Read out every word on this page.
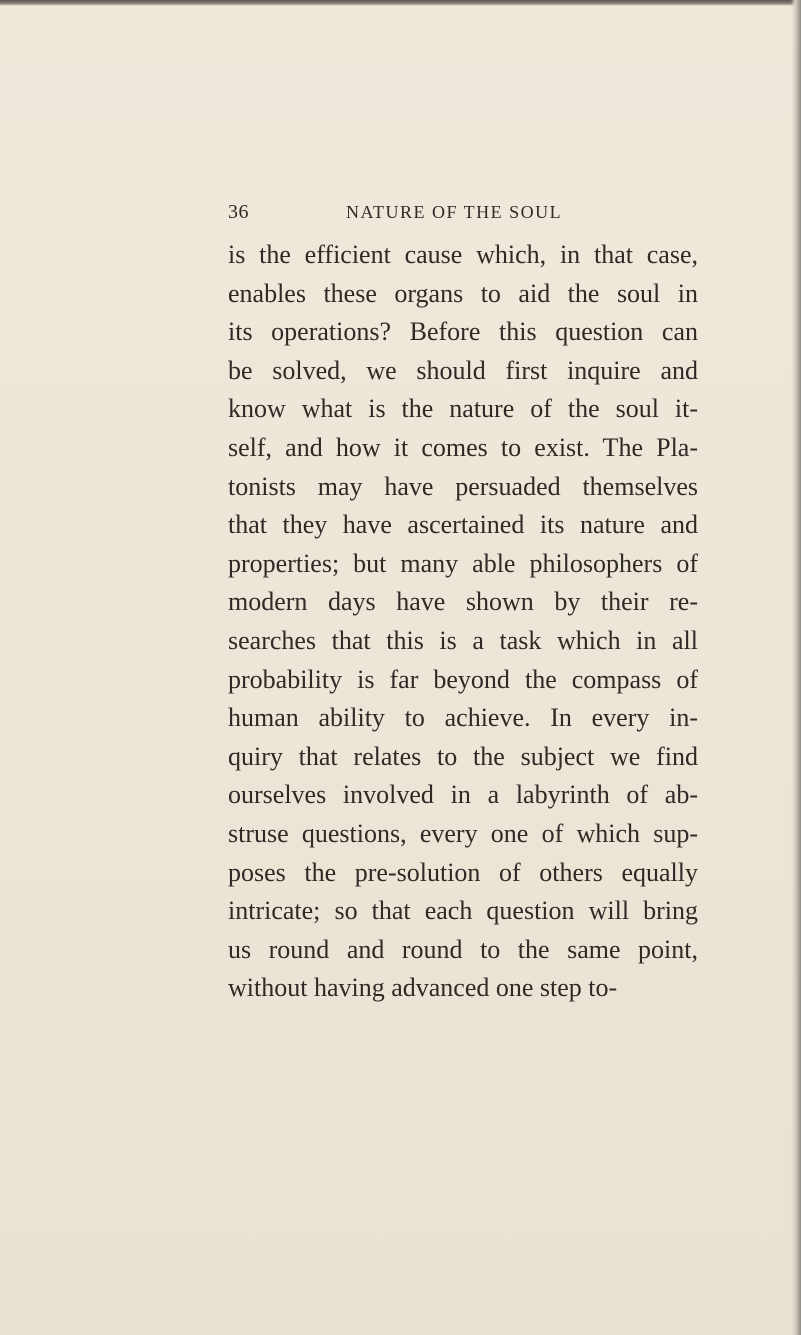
36	NATURE OF THE SOUL
is the efficient cause which, in that case,
enables these organs to aid the soul in
its operations? Before this question can
be solved, we should first inquire and
know what is the nature of the soul it-
self, and how it comes to exist. The Pla-
tonists may have persuaded themselves
that they have ascertained its nature and
properties; but many able philosophers of
modern days have shown by their re-
searches that this is a task which in all
probability is far beyond the compass of
human ability to achieve. In every in-
quiry that relates to the subject we find
ourselves involved in a labyrinth of ab-
struse questions, every one of which sup-
poses the pre-solution of others equally
intricate; so that each question will bring
us round and round to the same point,
without having advanced one step to-
